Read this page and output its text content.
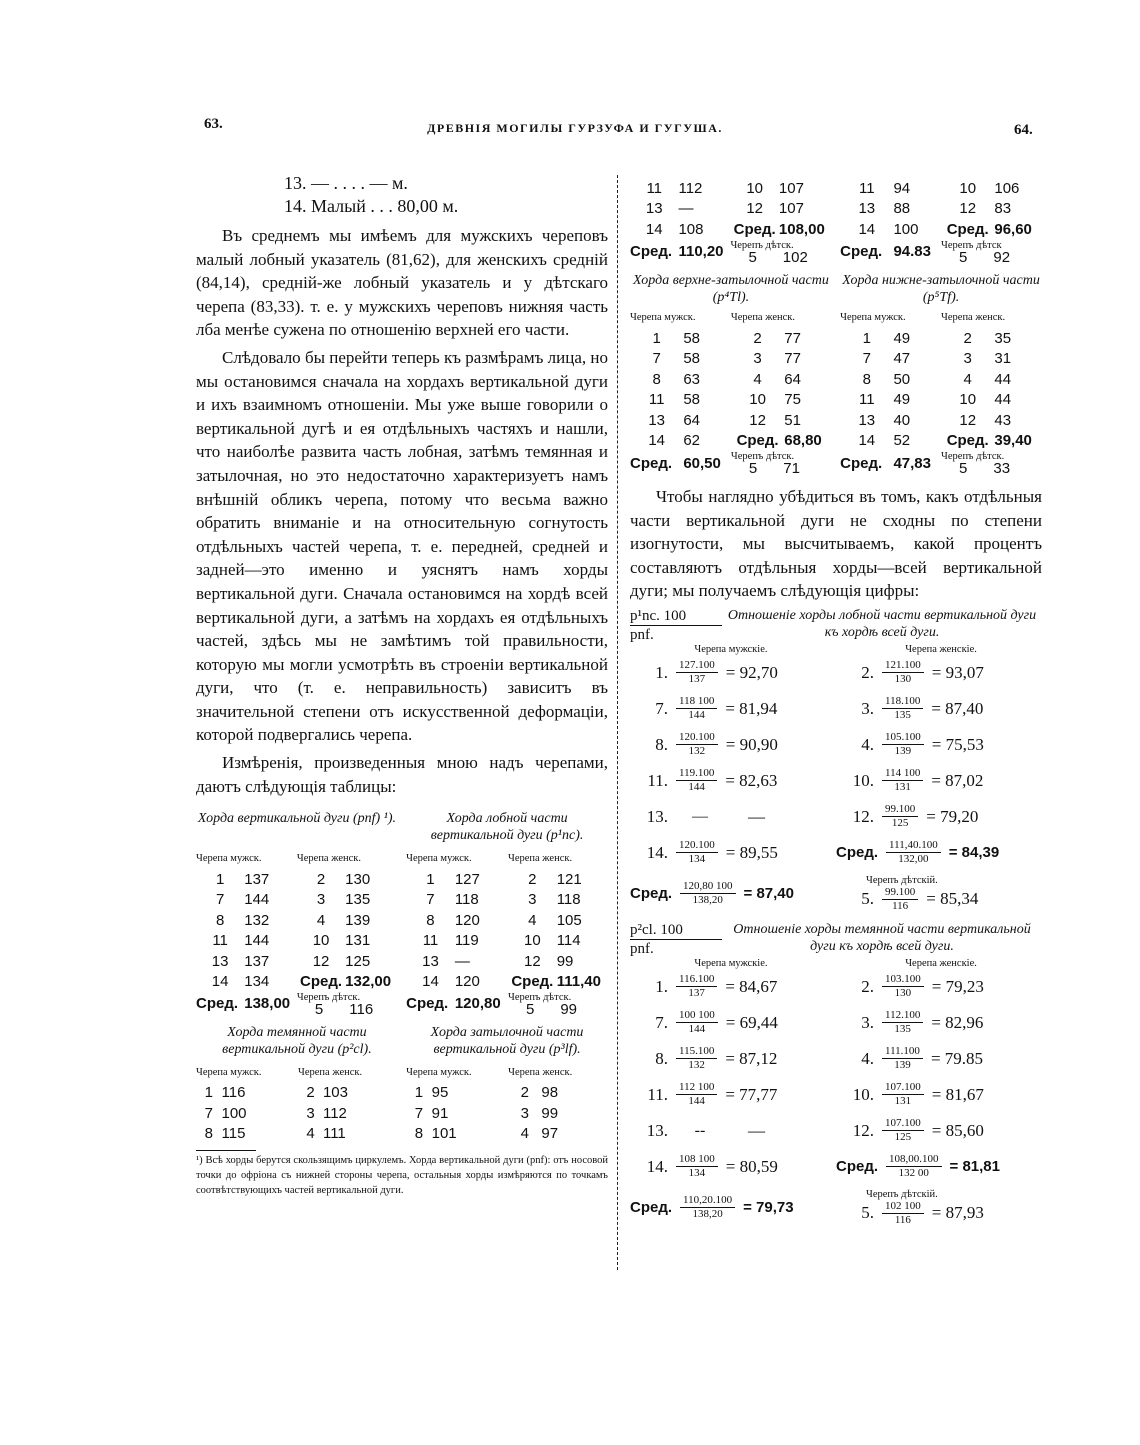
63.	ДРЕВНІЯ МОГИЛЫ ГУРЗУФА И ГУГУША.	64.
13. — . . . . — м.
14. Малый . . . 80,00 м.

Въ среднемъ мы имѣемъ для мужскихъ череповъ малый лобный указатель (81,62), для женскихъ средній (84,14), средній-же лобный указатель и у дѣтскаго черепа (83,33). т. е. у мужскихъ череповъ нижняя часть лба менѣе сужена по отношенію верхней его части.

Слѣдовало бы перейти теперь къ размѣрамъ лица, но мы остановимся сначала на хордахъ вертикальной дуги и ихъ взаимномъ отношеніи. Мы уже выше говорили о вертикальной дугѣ и ея отдѣльныхъ частяхъ и нашли, что наиболѣе развита часть лобная, затѣмъ темянная и затылочная, но это недостаточно характеризуетъ намъ внѣшній обликъ черепа, потому что весьма важно обратить вниманіе и на относительную согнутость отдѣльныхъ частей черепа, т. е. передней, средней и задней—это именно и уяснятъ намъ хорды вертикальной дуги. Сначала остановимся на хордѣ всей вертикальной дуги, а затѣмъ на хордахъ ея отдѣльныхъ частей, здѣсь мы не замѣтимъ той правильности, которую мы могли усмотрѣть въ строеніи вертикальной дуги, что (т. е. неправильность) зависитъ въ значительной степени отъ искусственной деформаціи, которой подвергались черепа.

Измѣренія, произведенныя мною надъ черепами, даютъ слѣдующія таблицы:

Хорда вертикальной дуги (pnf) ¹).
Черепа мужск.		Черепа женск.	
1	137	2	130
7	144	3	135
8	132	4	139
11	144	10	131
13	137	12	125
14	134	Сред.	132,00
Сред.	138,00	Черепъ дѣтск.
5 116	
Хорда лобной части вертикальной дуги (p¹nc).
Черепа мужск.		Черепа женск.	
1	127	2	121
7	118	3	118
8	120	4	105
11	119	10	114
13	—	12	99
14	120	Сред.	111,40
Сред.	120,80	Черепъ дѣтск.
5 99	
Хорда темянной части вертикальной дуги (p²cl).
Черепа мужск.		Черепа женск.	
1	116	2	103
7	100	3	112
8	115	4	111
Хорда затылочной части вертикальной дуги (p³lf).
Черепа мужск.		Черепа женск.	
1	95	2	98
7	91	3	99
8	101	4	97
¹) Всѣ хорды берутся скользящимъ циркулемъ. Хорда вертикальной дуги (pnf): отъ носовой точки до офріона съ нижней стороны черепа, остальныя хорды измѣряются по точкамъ соотвѣтствующихъ частей вертикальной дуги.
11	112	10	107
13	—	12	107
14	108	Сред.	108,00
Сред.	110,20	Черепъ дѣтск.
5 102	
11	94	10	106
13	88	12	83
14	100	Сред.	96,60
Сред.	94.83	Черепъ дѣтск
5 92	
Хорда верхне-затылочной части (p⁴Tl).
Черепа мужск.		Черепа женск.	
1	58	2	77
7	58	3	77
8	63	4	64
11	58	10	75
13	64	12	51
14	62	Сред.	68,80
Сред.	60,50	Черепъ дѣтск.
5 71	
Хорда нижне-затылочной части (p⁵Tf).
Черепа мужск.		Черепа женск.	
1	49	2	35
7	47	3	31
8	50	4	44
11	49	10	44
13	40	12	43
14	52	Сред.	39,40
Сред.	47,83	Черепъ дѣтск.
5 33	

Чтобы наглядно убѣдиться въ томъ, какъ отдѣльныя части вертикальной дуги не сходны по степени изогнутости, мы высчитываемъ, какой процентъ составляютъ отдѣльныя хорды—всей вертикальной дуги; мы получаемъ слѣдующія цифры:

p¹nc. 100
pnf.
Отношеніе хорды лобной части вертикальной дуги къ хордѣ всей дуги.
Черепа мужскіе.	Черепа женскіе.
1. $\frac{127.100}{137} = 92,70$	2. $\frac{121.100}{130} = 93,07$
7. $\frac{118 100}{144} = 81,94$	3. $\frac{118.100}{135} = 87,40$
8. $\frac{120.100}{132} = 90,90$	4. $\frac{105.100}{139} = 75,53$
11. $\frac{119.100}{144} = 82,63$	10. $\frac{114 100}{131} = 87,02$
13.	—	—	12. $\frac{99.100}{125} = 79,20$
14. $\frac{120.100}{134} = 89,55$	Сред. $\frac{111,40.100}{132,00} = 84,39$
Сред. $\frac{120,80 100}{138,20} = 87,40$
Черепъ дѣтскій.
5. $\frac{99.100}{116} = 85,34$
p²cl. 100
pnf.
Отношеніе хорды темянной части вертикальной дуги къ хордѣ всей дуги.
Черепа мужскіе.	Черепа женскіе.
1. $\frac{116.100}{137} = 84,67$	2. $\frac{103.100}{130} = 79,23$
7. $\frac{100 100}{144} = 69,44$	3. $\frac{112.100}{135} = 82,96$
8. $\frac{115.100}{132} = 87,12$	4. $\frac{111.100}{139} = 79.85$
11. $\frac{112 100}{144} = 77,77$	10. $\frac{107.100}{131} = 81,67$
13.	--	—	12. $\frac{107.100}{125} = 85,60$
14. $\frac{108 100}{134} = 80,59$	Сред. $\frac{108,00.100}{132 00} = 81,81$
Сред. $\frac{110,20.100}{138,20} = 79,73$
Черепъ дѣтскій.
5. $\frac{102 100}{116} = 87,93$
